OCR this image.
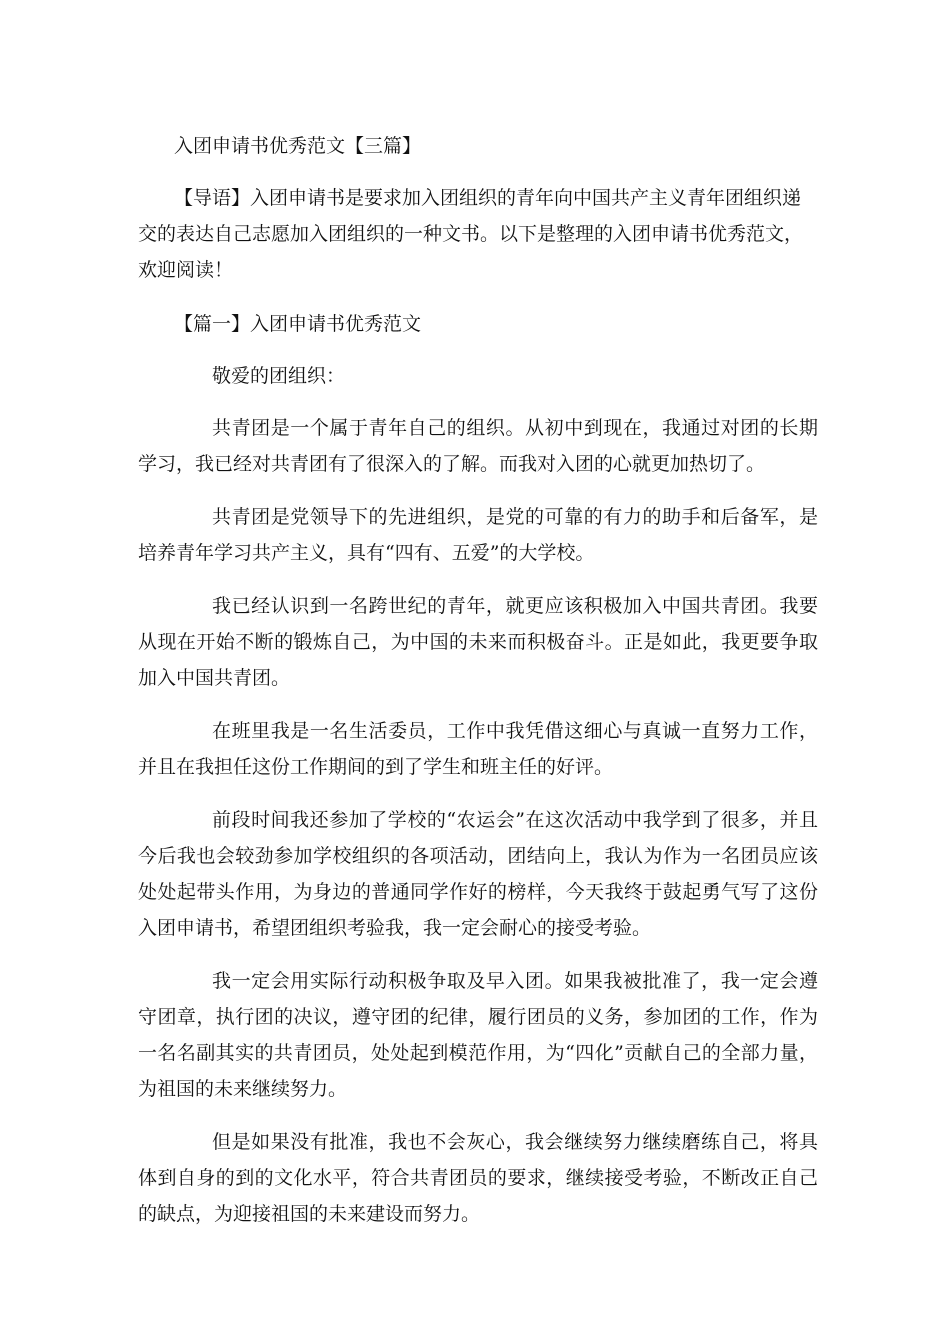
入团申请书优秀范文【三篇】

【导语】入团申请书是要求加入团组织的青年向中国共产主义青年团组织递交的表达自己志愿加入团组织的一种文书。以下是整理的入团申请书优秀范文，欢迎阅读！

【篇一】入团申请书优秀范文

敬爱的团组织：

共青团是一个属于青年自己的组织。从初中到现在，我通过对团的长期学习，我已经对共青团有了很深入的了解。而我对入团的心就更加热切了。

共青团是党领导下的先进组织，是党的可靠的有力的助手和后备军，是培养青年学习共产主义，具有“四有、五爱”的大学校。

我已经认识到一名跨世纪的青年，就更应该积极加入中国共青团。我要从现在开始不断的锻炼自己，为中国的未来而积极奋斗。正是如此，我更要争取加入中国共青团。

在班里我是一名生活委员，工作中我凭借这细心与真诚一直努力工作，并且在我担任这份工作期间的到了学生和班主任的好评。

前段时间我还参加了学校的“农运会”在这次活动中我学到了很多，并且今后我也会较劲参加学校组织的各项活动，团结向上，我认为作为一名团员应该处处起带头作用，为身边的普通同学作好的榜样，今天我终于鼓起勇气写了这份入团申请书，希望团组织考验我，我一定会耐心的接受考验。

我一定会用实际行动积极争取及早入团。如果我被批准了，我一定会遵守团章，执行团的决议，遵守团的纪律，履行团员的义务，参加团的工作，作为一名名副其实的共青团员，处处起到模范作用，为“四化”贡献自己的全部力量，为祖国的未来继续努力。

但是如果没有批准，我也不会灰心，我会继续努力继续磨练自己，将具体到自身的到的文化水平，符合共青团员的要求，继续接受考验，不断改正自己的缺点，为迎接祖国的未来建设而努力。
